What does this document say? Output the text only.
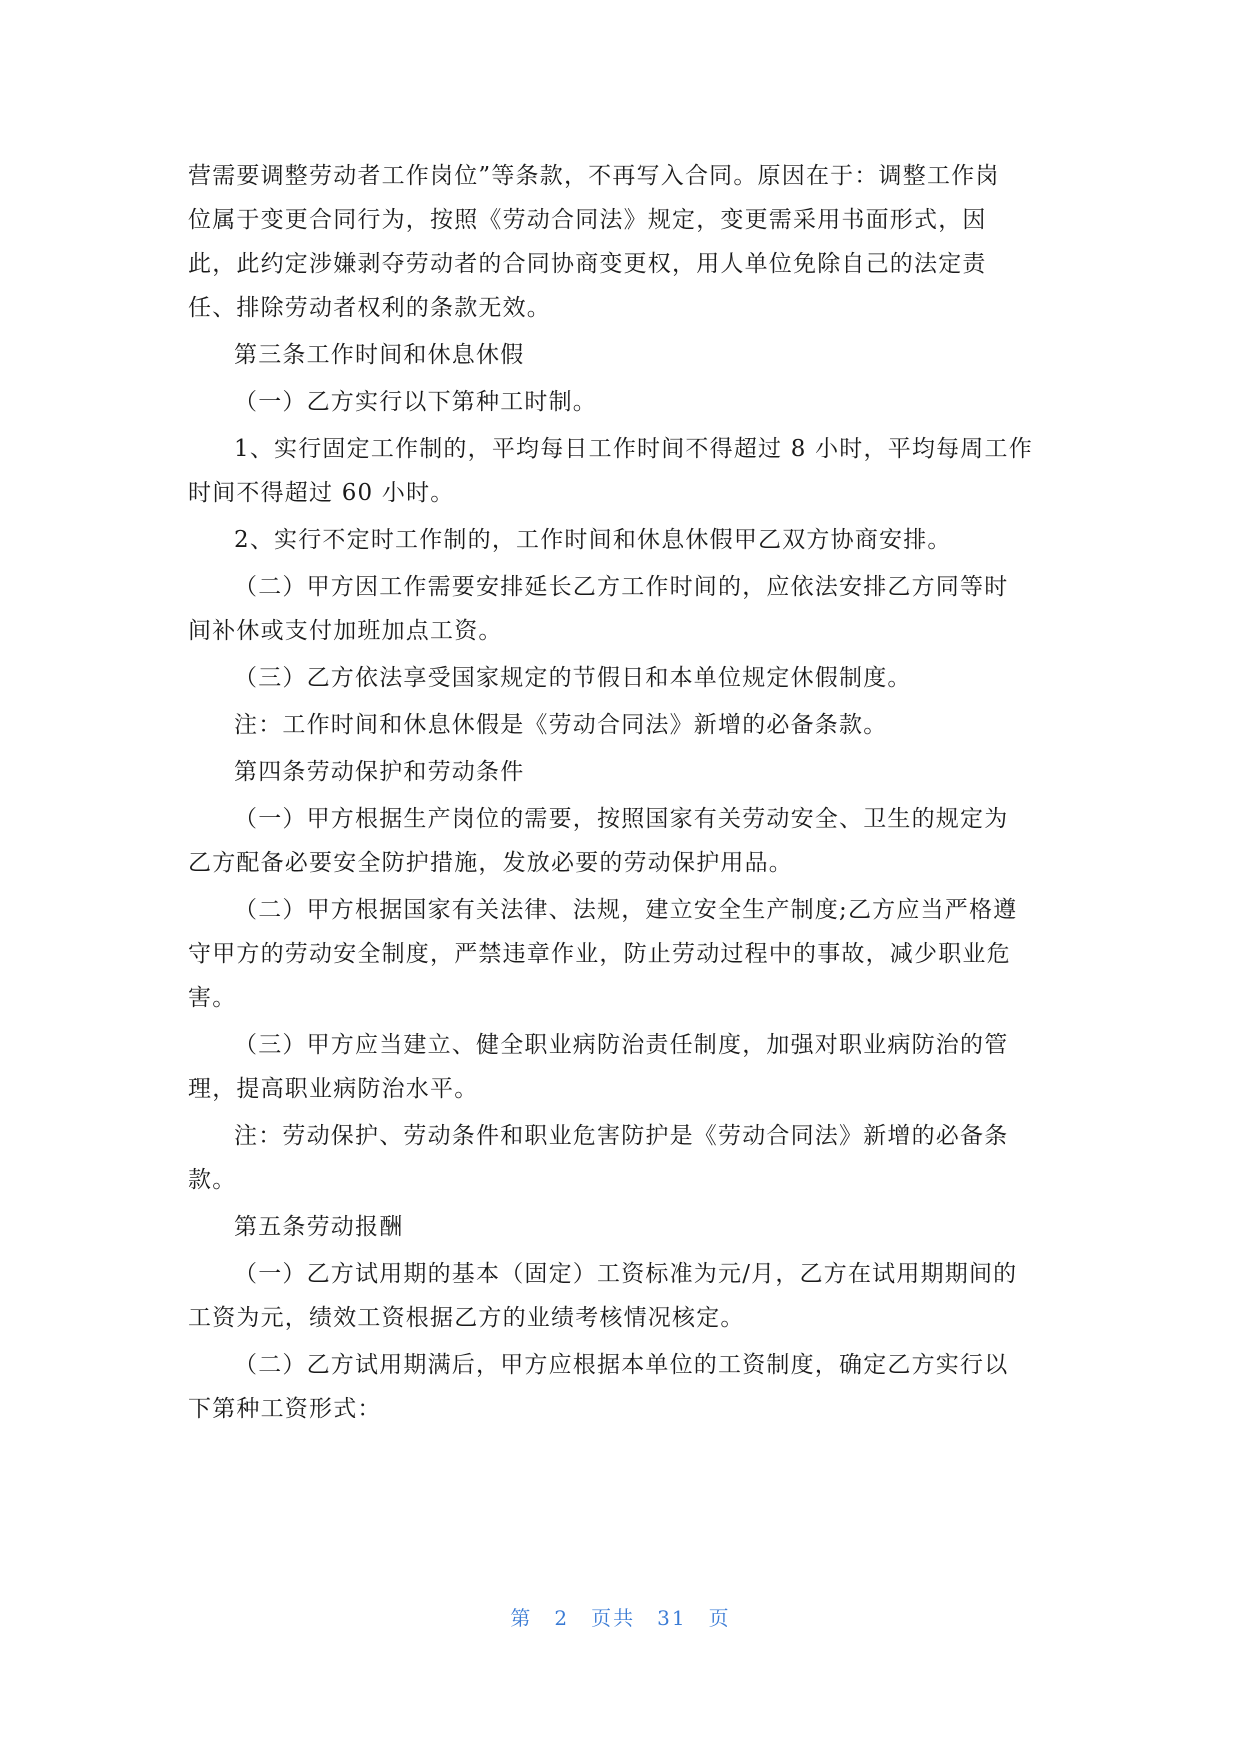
营需要调整劳动者工作岗位”等条款，不再写入合同。原因在于：调整工作岗
位属于变更合同行为，按照《劳动合同法》规定，变更需采用书面形式，因
此，此约定涉嫌剥夺劳动者的合同协商变更权，用人单位免除自己的法定责
任、排除劳动者权利的条款无效。

第三条工作时间和休息休假

（一）乙方实行以下第种工时制。

1、实行固定工作制的，平均每日工作时间不得超过 8 小时，平均每周工作
时间不得超过 60 小时。

2、实行不定时工作制的，工作时间和休息休假甲乙双方协商安排。

（二）甲方因工作需要安排延长乙方工作时间的，应依法安排乙方同等时
间补休或支付加班加点工资。

（三）乙方依法享受国家规定的节假日和本单位规定休假制度。

注：工作时间和休息休假是《劳动合同法》新增的必备条款。

第四条劳动保护和劳动条件

（一）甲方根据生产岗位的需要，按照国家有关劳动安全、卫生的规定为
乙方配备必要安全防护措施，发放必要的劳动保护用品。

（二）甲方根据国家有关法律、法规，建立安全生产制度;乙方应当严格遵
守甲方的劳动安全制度，严禁违章作业，防止劳动过程中的事故，减少职业危
害。

（三）甲方应当建立、健全职业病防治责任制度，加强对职业病防治的管
理，提高职业病防治水平。

注：劳动保护、劳动条件和职业危害防护是《劳动合同法》新增的必备条
款。

第五条劳动报酬

（一）乙方试用期的基本（固定）工资标准为元/月，乙方在试用期期间的
工资为元，绩效工资根据乙方的业绩考核情况核定。

（二）乙方试用期满后，甲方应根据本单位的工资制度，确定乙方实行以
下第种工资形式：

第 2 页共 31 页
